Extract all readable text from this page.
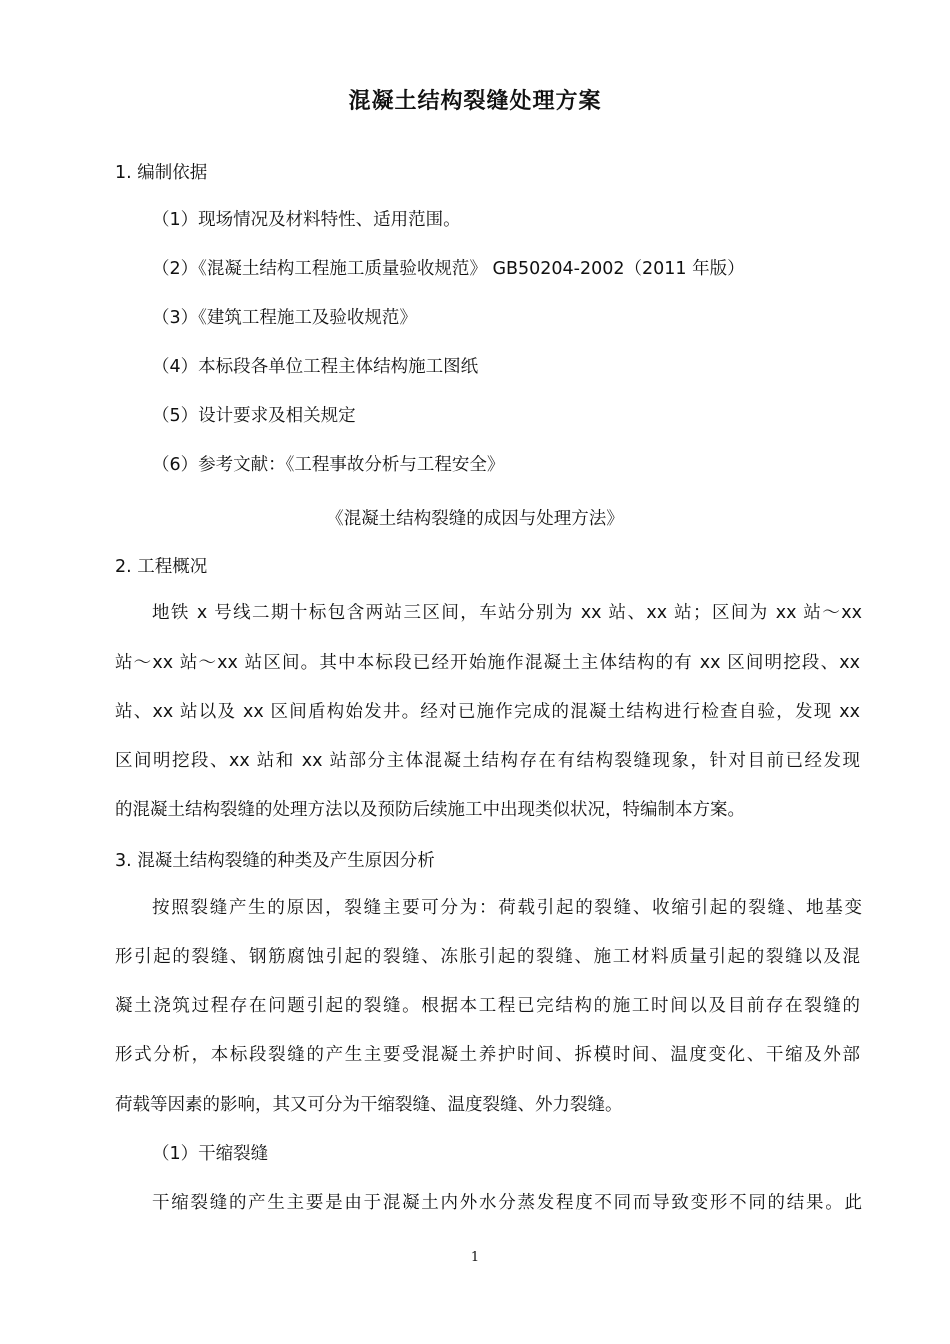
混凝土结构裂缝处理方案
1. 编制依据
（1）现场情况及材料特性、适用范围。
（2）《混凝土结构工程施工质量验收规范》 GB50204-2002（2011 年版）
（3）《建筑工程施工及验收规范》
（4）本标段各单位工程主体结构施工图纸
（5）设计要求及相关规定
（6）参考文献：《工程事故分析与工程安全》
《混凝土结构裂缝的成因与处理方法》
2. 工程概况
地铁 x 号线二期十标包含两站三区间，车站分别为 xx 站、xx 站；区间为 xx 站～xx
站～xx 站～xx 站区间。其中本标段已经开始施作混凝土主体结构的有 xx 区间明挖段、xx
站、xx 站以及 xx 区间盾构始发井。经对已施作完成的混凝土结构进行检查自验，发现 xx
区间明挖段、xx 站和 xx 站部分主体混凝土结构存在有结构裂缝现象，针对目前已经发现
的混凝土结构裂缝的处理方法以及预防后续施工中出现类似状况，特编制本方案。
3. 混凝土结构裂缝的种类及产生原因分析
按照裂缝产生的原因，裂缝主要可分为：荷载引起的裂缝、收缩引起的裂缝、地基变
形引起的裂缝、钢筋腐蚀引起的裂缝、冻胀引起的裂缝、施工材料质量引起的裂缝以及混
凝土浇筑过程存在问题引起的裂缝。根据本工程已完结构的施工时间以及目前存在裂缝的
形式分析，本标段裂缝的产生主要受混凝土养护时间、拆模时间、温度变化、干缩及外部
荷载等因素的影响，其又可分为干缩裂缝、温度裂缝、外力裂缝。
（1）干缩裂缝
干缩裂缝的产生主要是由于混凝土内外水分蒸发程度不同而导致变形不同的结果。此
1
